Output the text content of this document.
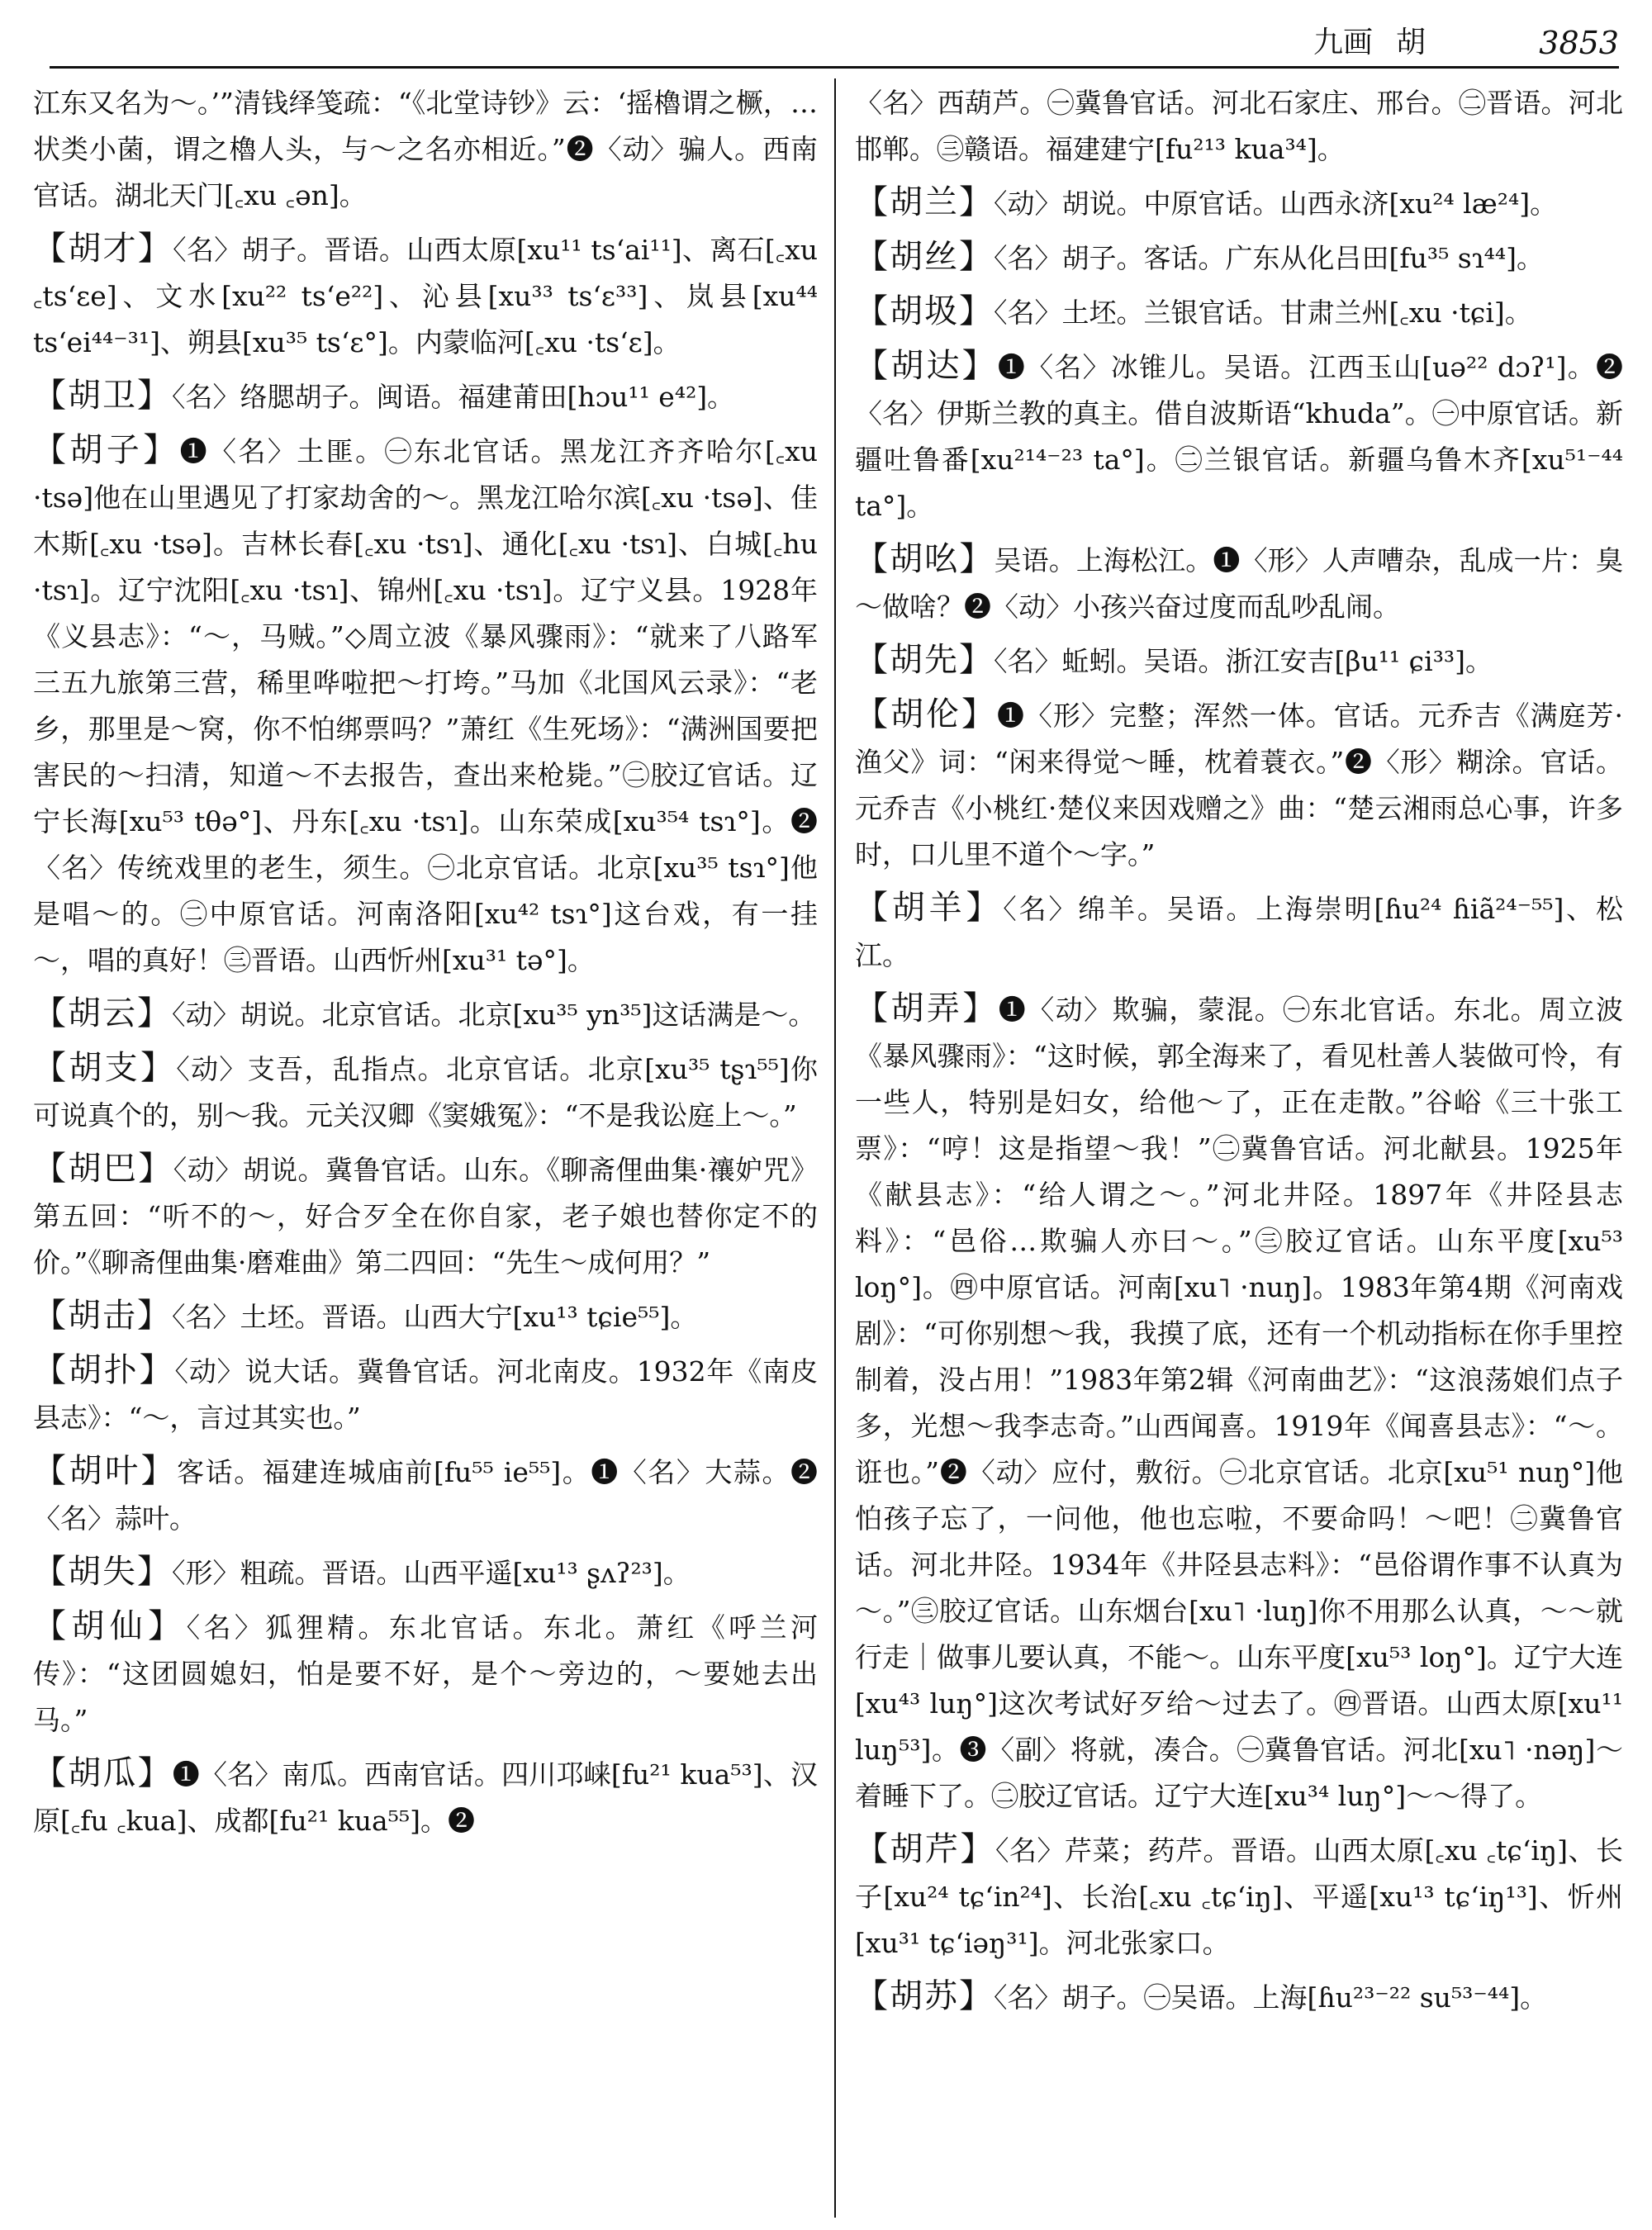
九画 胡	3853

江东又名为～。’”清钱绎笺疏：“《北堂诗钞》云：‘摇櫓谓之橛，…状类小菌，谓之櫓人头，与～之名亦相近。”❷〈动〉骗人。西南官话。湖北天门[꜀xu ꜀ən]。

【胡才】〈名〉胡子。晋语。山西太原[xu¹¹ ts‘ai¹¹]、离石[꜀xu ꜀ts‘εe]、文水[xu²² ts‘e²²]、沁县[xu³³ ts‘ε³³]、岚县[xu⁴⁴ ts‘ei⁴⁴⁻³¹]、朔县[xu³⁵ ts‘ε°]。内蒙临河[꜀xu ·ts‘ε]。

【胡卫】〈名〉络腮胡子。闽语。福建莆田[hɔu¹¹ e⁴²]。

【胡子】❶〈名〉土匪。㊀东北官话。黑龙江齐齐哈尔[꜀xu ·tsə]他在山里遇见了打家劫舍的～。黑龙江哈尔滨[꜀xu ·tsə]、佳木斯[꜀xu ·tsə]。吉林长春[꜀xu ·tsɿ]、通化[꜀xu ·tsɿ]、白城[꜀hu ·tsɿ]。辽宁沈阳[꜀xu ·tsɿ]、锦州[꜀xu ·tsɿ]。辽宁义县。1928年《义县志》：“～，马贼。”◇周立波《暴风骤雨》：“就来了八路军三五九旅第三营，稀里哗啦把～打垮。”马加《北国风云录》：“老乡，那里是～窝，你不怕绑票吗？”萧红《生死场》：“满洲国要把害民的～扫清，知道～不去报告，查出来枪毙。”㊁胶辽官话。辽宁长海[xu⁵³ tθə°]、丹东[꜀xu ·tsɿ]。山东荣成[xu³⁵⁴ tsɿ°]。❷〈名〉传统戏里的老生，须生。㊀北京官话。北京[xu³⁵ tsɿ°]他是唱～的。㊁中原官话。河南洛阳[xu⁴² tsɿ°]这台戏，有一挂～，唱的真好！㊂晋语。山西忻州[xu³¹ tə°]。

【胡云】〈动〉胡说。北京官话。北京[xu³⁵ yn³⁵]这话满是～。

【胡支】〈动〉支吾，乱指点。北京官话。北京[xu³⁵ tʂɿ⁵⁵]你可说真个的，别～我。元关汉卿《窦娥冤》：“不是我讼庭上～。”

【胡巴】〈动〉胡说。冀鲁官话。山东。《聊斋俚曲集·禳妒咒》第五回：“听不的～，好合歹全在你自家，老子娘也替你定不的价。”《聊斋俚曲集·磨难曲》第二四回：“先生～成何用？”

【胡击】〈名〉土坯。晋语。山西大宁[xu¹³ tɕie⁵⁵]。

【胡扑】〈动〉说大话。冀鲁官话。河北南皮。1932年《南皮县志》：“～，言过其实也。”

【胡叶】客话。福建连城庙前[fu⁵⁵ ie⁵⁵]。❶〈名〉大蒜。❷〈名〉蒜叶。

【胡失】〈形〉粗疏。晋语。山西平遥[xu¹³ ʂʌʔ²³]。

【胡仙】〈名〉狐狸精。东北官话。东北。萧红《呼兰河传》：“这团圆媳妇，怕是要不好，是个～旁边的，～要她去出马。”

【胡瓜】❶〈名〉南瓜。西南官话。四川邛崃[fu²¹ kua⁵³]、汉原[꜀fu ꜀kua]、成都[fu²¹ kua⁵⁵]。❷

〈名〉西葫芦。㊀冀鲁官话。河北石家庄、邢台。㊁晋语。河北邯郸。㊂赣语。福建建宁[fu²¹³ kua³⁴]。

【胡兰】〈动〉胡说。中原官话。山西永济[xu²⁴ læ²⁴]。

【胡丝】〈名〉胡子。客话。广东从化吕田[fu³⁵ sɿ⁴⁴]。

【胡圾】〈名〉土坯。兰银官话。甘肃兰州[꜀xu ·tɕi]。

【胡达】❶〈名〉冰锥儿。吴语。江西玉山[uə²² dɔʔ¹]。❷〈名〉伊斯兰教的真主。借自波斯语“khuda”。㊀中原官话。新疆吐鲁番[xu²¹⁴⁻²³ ta°]。㊁兰银官话。新疆乌鲁木齐[xu⁵¹⁻⁴⁴ ta°]。

【胡吆】吴语。上海松江。❶〈形〉人声嘈杂，乱成一片：臭～做啥？❷〈动〉小孩兴奋过度而乱吵乱闹。

【胡先】〈名〉蚯蚓。吴语。浙江安吉[βu¹¹ ɕi³³]。

【胡伦】❶〈形〉完整；浑然一体。官话。元乔吉《满庭芳·渔父》词：“闲来得觉～睡，枕着蓑衣。”❷〈形〉糊涂。官话。元乔吉《小桃红·楚仪来因戏赠之》曲：“楚云湘雨总心事，许多时，口儿里不道个～字。”

【胡羊】〈名〉绵羊。吴语。上海崇明[ɦu²⁴ ɦiã²⁴⁻⁵⁵]、松江。

【胡弄】❶〈动〉欺骗，蒙混。㊀东北官话。东北。周立波《暴风骤雨》：“这时候，郭全海来了，看见杜善人装做可怜，有一些人，特别是妇女，给他～了，正在走散。”谷峪《三十张工票》：“哼！这是指望～我！”㊁冀鲁官话。河北献县。1925年《献县志》：“给人谓之～。”河北井陉。1897年《井陉县志料》：“邑俗…欺骗人亦曰～。”㊂胶辽官话。山东平度[xu⁵³ loŋ°]。㊃中原官话。河南[xu˥ ·nuŋ]。1983年第4期《河南戏剧》：“可你别想～我，我摸了底，还有一个机动指标在你手里控制着，没占用！”1983年第2辑《河南曲艺》：“这浪荡娘们点子多，光想～我李志奇。”山西闻喜。1919年《闻喜县志》：“～。诳也。”❷〈动〉应付，敷衍。㊀北京官话。北京[xu⁵¹ nuŋ°]他怕孩子忘了，一问他，他也忘啦，不要命吗！～吧！㊁冀鲁官话。河北井陉。1934年《井陉县志料》：“邑俗谓作事不认真为～。”㊂胶辽官话。山东烟台[xu˥ ·luŋ]你不用那么认真，～～就行走｜做事儿要认真，不能～。山东平度[xu⁵³ loŋ°]。辽宁大连[xu⁴³ luŋ°]这次考试好歹给～过去了。㊃晋语。山西太原[xu¹¹ luŋ⁵³]。❸〈副〉将就，凑合。㊀冀鲁官话。河北[xu˥ ·nəŋ]～着睡下了。㊁胶辽官话。辽宁大连[xu³⁴ luŋ°]～～得了。

【胡芹】〈名〉芹菜；药芹。晋语。山西太原[꜀xu ꜀tɕ‘iŋ]、长子[xu²⁴ tɕ‘in²⁴]、长治[꜀xu ꜀tɕ‘iŋ]、平遥[xu¹³ tɕ‘iŋ¹³]、忻州[xu³¹ tɕ‘iəŋ³¹]。河北张家口。

【胡苏】〈名〉胡子。㊀吴语。上海[ɦu²³⁻²² su⁵³⁻⁴⁴]。
